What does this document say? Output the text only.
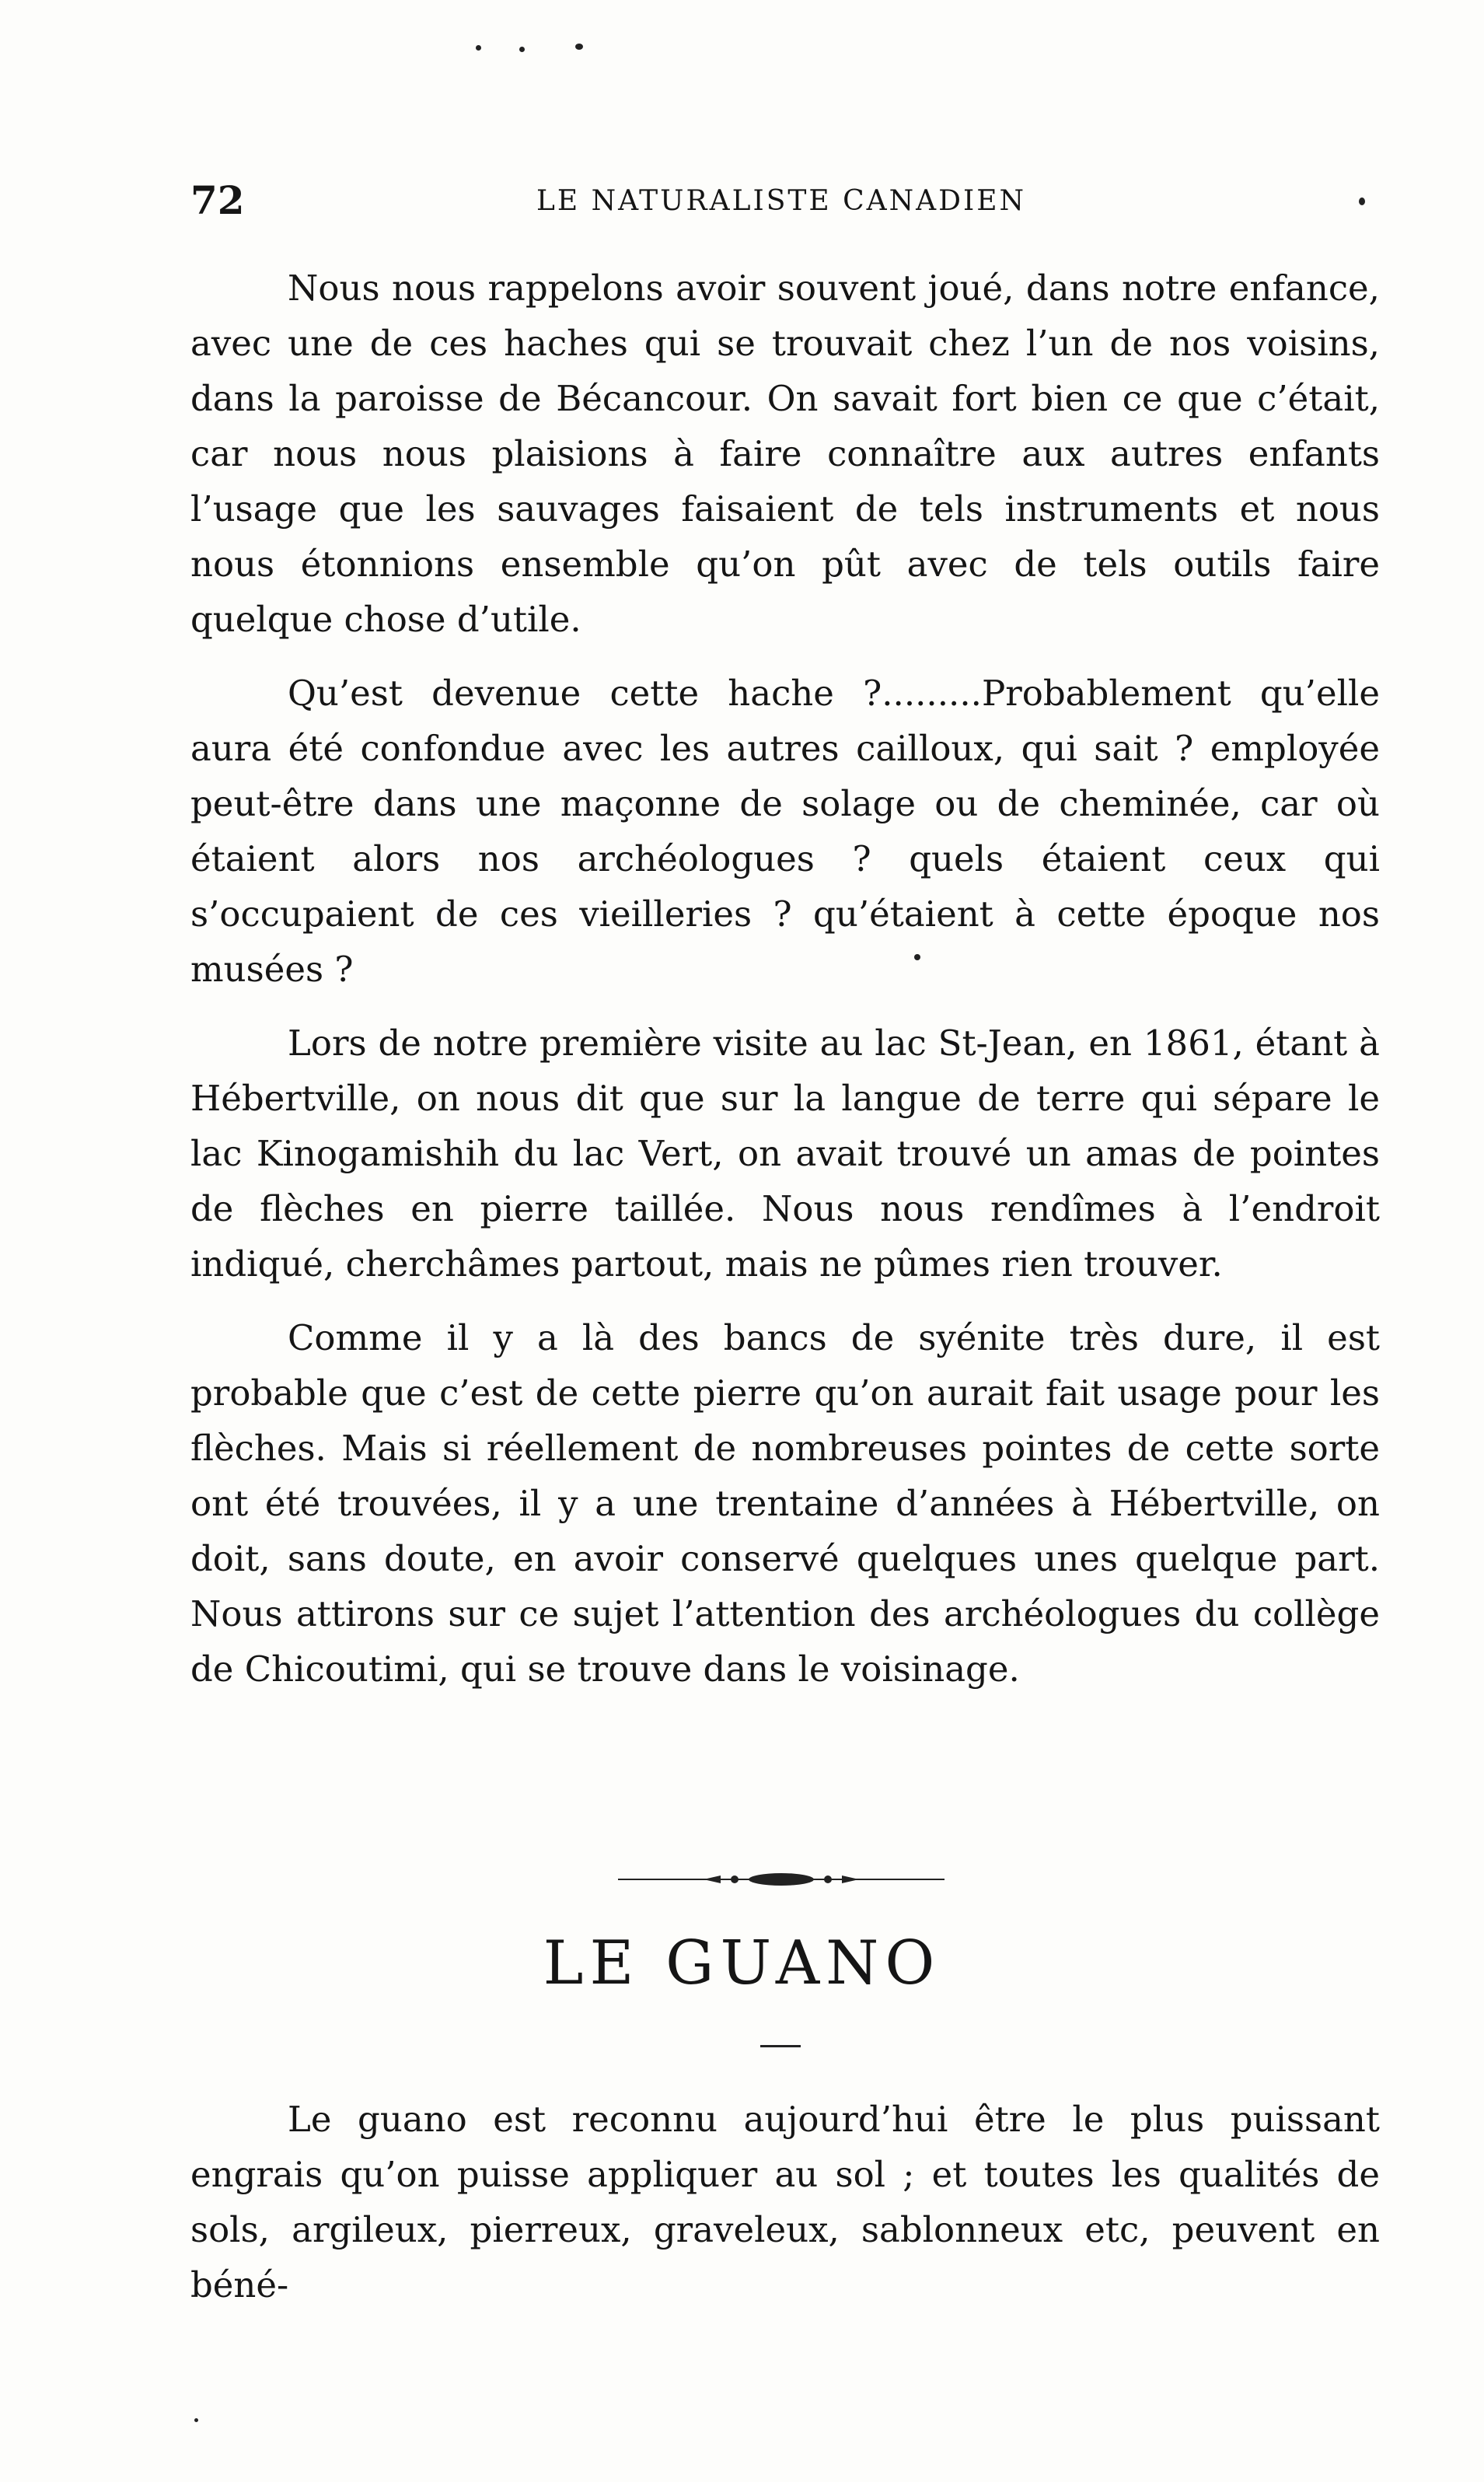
72	LE NATURALISTE CANADIEN

Nous nous rappelons avoir souvent joué, dans notre enfance, avec une de ces haches qui se trouvait chez l’un de nos voisins, dans la paroisse de Bécancour. On savait fort bien ce que c’était, car nous nous plaisions à faire connaître aux autres enfants l’usage que les sauvages faisaient de tels instruments et nous nous étonnions ensemble qu’on pût avec de tels outils faire quelque chose d’utile.

Qu’est devenue cette hache ?.........Probablement qu’elle aura été confondue avec les autres cailloux, qui sait ? employée peut-être dans une maçonne de solage ou de cheminée, car où étaient alors nos archéologues ? quels étaient ceux qui s’occupaient de ces vieilleries ? qu’étaient à cette époque nos musées ?

Lors de notre première visite au lac St-Jean, en 1861, étant à Hébertville, on nous dit que sur la langue de terre qui sépare le lac Kinogamishih du lac Vert, on avait trouvé un amas de pointes de flèches en pierre taillée. Nous nous rendîmes à l’endroit indiqué, cherchâmes partout, mais ne pûmes rien trouver.

Comme il y a là des bancs de syénite très dure, il est probable que c’est de cette pierre qu’on aurait fait usage pour les flèches. Mais si réellement de nombreuses pointes de cette sorte ont été trouvées, il y a une trentaine d’années à Hébertville, on doit, sans doute, en avoir conservé quelques unes quelque part. Nous attirons sur ce sujet l’attention des archéologues du collège de Chicoutimi, qui se trouve dans le voisinage.

LE GUANO

Le guano est reconnu aujourd’hui être le plus puissant engrais qu’on puisse appliquer au sol ; et toutes les qualités de sols, argileux, pierreux, graveleux, sablonneux etc, peuvent en béné-
